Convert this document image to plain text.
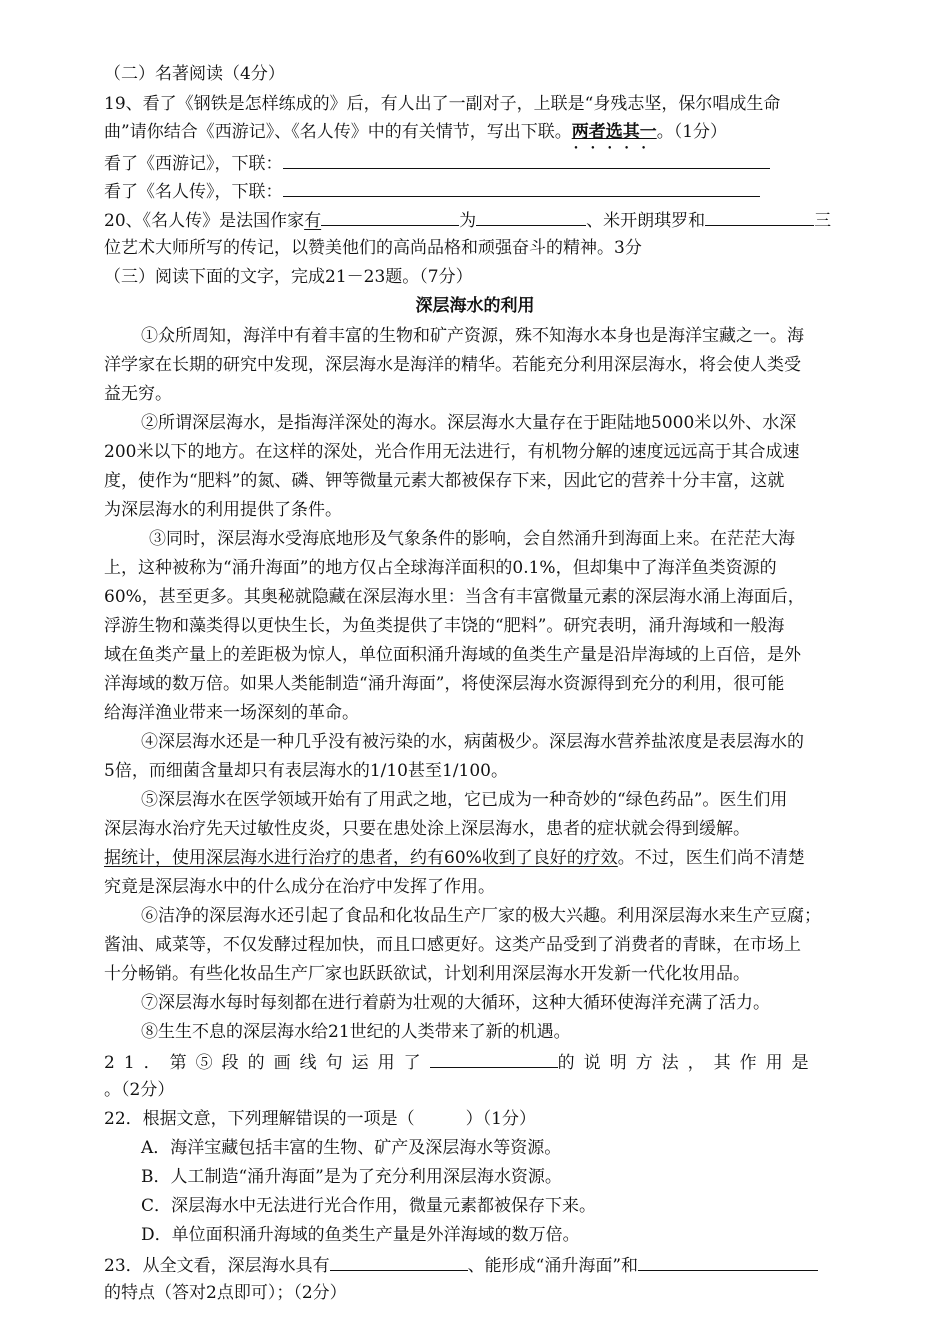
（二）名著阅读（4分）
19、看了《钢铁是怎样练成的》后，有人出了一副对子，上联是“身残志坚，保尔唱成生命
曲”请你结合《西游记》、《名人传》中的有关情节，写出下联。两者选其一 • • •。（1分）
看了《西游记》，下联：
看了《名人传》，下联：
20、《名人传》是法国作家有	为	、米开朗琪罗和	三
位艺术大师所写的传记，以赞美他们的高尚品格和顽强奋斗的精神。3分
（三）阅读下面的文字，完成21－23题。（7分）
深层海水的利用
①众所周知，海洋中有着丰富的生物和矿产资源，殊不知海水本身也是海洋宝藏之一。海
洋学家在长期的研究中发现，深层海水是海洋的精华。若能充分利用深层海水，将会使人类受
益无穷。
②所谓深层海水，是指海洋深处的海水。深层海水大量存在于距陆地5000米以外、水深
200米以下的地方。在这样的深处，光合作用无法进行，有机物分解的速度远远高于其合成速
度，使作为“肥料”的氮、磷、钾等微量元素大都被保存下来，因此它的营养十分丰富，这就
为深层海水的利用提供了条件。
③同时，深层海水受海底地形及气象条件的影响，会自然涌升到海面上来。在茫茫大海
上，这种被称为“涌升海面”的地方仅占全球海洋面积的0.1%，但却集中了海洋鱼类资源的
60%，甚至更多。其奥秘就隐藏在深层海水里：当含有丰富微量元素的深层海水涌上海面后，
浮游生物和藻类得以更快生长，为鱼类提供了丰饶的“肥料”。研究表明，涌升海域和一般海
域在鱼类产量上的差距极为惊人，单位面积涌升海域的鱼类生产量是沿岸海域的上百倍，是外
洋海域的数万倍。如果人类能制造“涌升海面”，将使深层海水资源得到充分的利用，很可能
给海洋渔业带来一场深刻的革命。
④深层海水还是一种几乎没有被污染的水，病菌极少。深层海水营养盐浓度是表层海水的
5倍，而细菌含量却只有表层海水的1/10甚至1/100。
⑤深层海水在医学领域开始有了用武之地，它已成为一种奇妙的“绿色药品”。医生们用
深层海水治疗先天过敏性皮炎，只要在患处涂上深层海水，患者的症状就会得到缓解。
据统计，使用深层海水进行治疗的患者，约有60%收到了良好的疗效。不过，医生们尚不清楚
究竟是深层海水中的什么成分在治疗中发挥了作用。
⑥洁净的深层海水还引起了食品和化妆品生产厂家的极大兴趣。利用深层海水来生产豆腐；
酱油、咸菜等，不仅发酵过程加快，而且口感更好。这类产品受到了消费者的青睐，在市场上
十分畅销。有些化妆品生产厂家也跃跃欲试，计划利用深层海水开发新一代化妆用品。
⑦深层海水每时每刻都在进行着蔚为壮观的大循环，这种大循环使海洋充满了活力。
⑧生生不息的深层海水给21世纪的人类带来了新的机遇。
21．第⑤段的画线句运用了	的说明方法，其作用是
。（2分）
22．根据文意，下列理解错误的一项是（　　　）（1分）
A．海洋宝藏包括丰富的生物、矿产及深层海水等资源。
B．人工制造“涌升海面”是为了充分利用深层海水资源。
C．深层海水中无法进行光合作用，微量元素都被保存下来。
D．单位面积涌升海域的鱼类生产量是外洋海域的数万倍。
23．从全文看，深层海水具有	、能形成“涌升海面”和
的特点（答对2点即可）；（2分）
